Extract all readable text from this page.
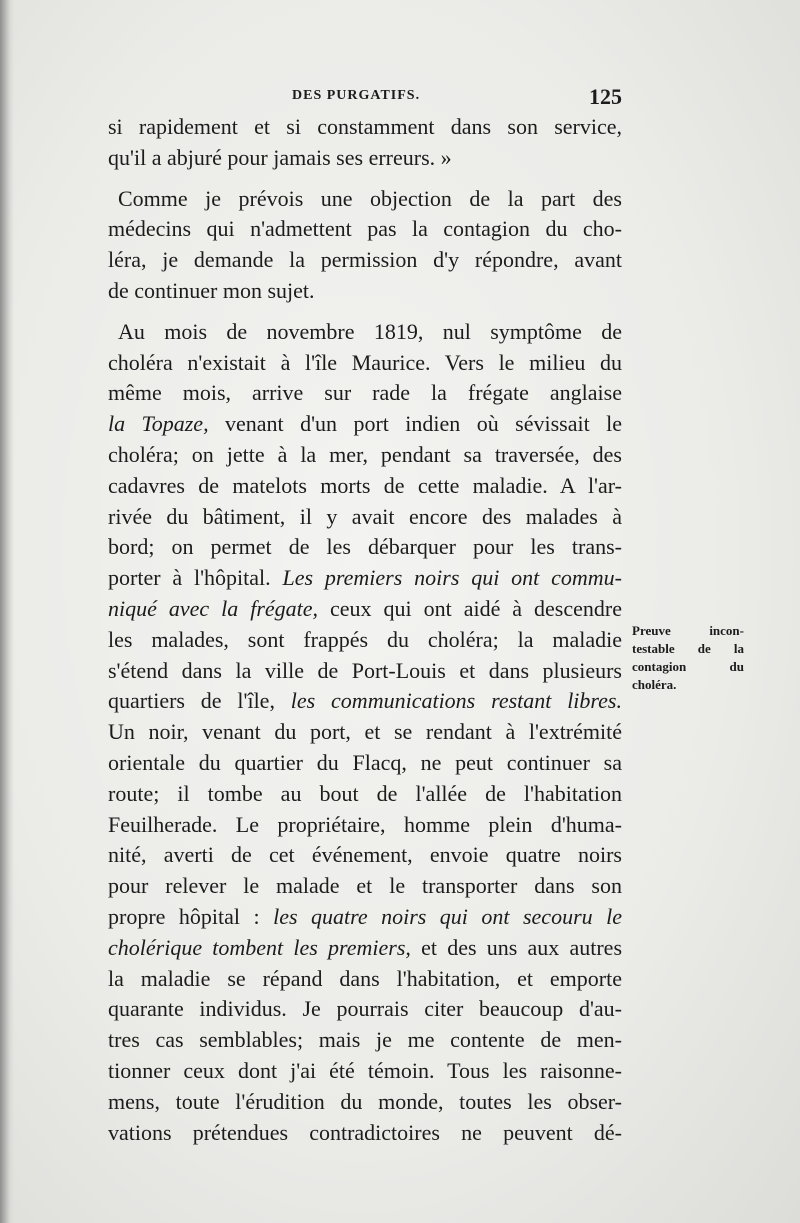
DES PURGATIFS.	125
si rapidement et si constamment dans son service,
qu'il a abjuré pour jamais ses erreurs. »
Comme je prévois une objection de la part des
médecins qui n'admettent pas la contagion du cho-
léra, je demande la permission d'y répondre, avant
de continuer mon sujet.
Au mois de novembre 1819, nul symptôme de
choléra n'existait à l'île Maurice. Vers le milieu du
même mois, arrive sur rade la frégate anglaise
la Topaze, venant d'un port indien où sévissait le
choléra; on jette à la mer, pendant sa traversée, des
cadavres de matelots morts de cette maladie. A l'ar-
rivée du bâtiment, il y avait encore des malades à
bord; on permet de les débarquer pour les trans-
porter à l'hôpital. Les premiers noirs qui ont commu-
niqué avec la frégate, ceux qui ont aidé à descendre
les malades, sont frappés du choléra; la maladie
s'étend dans la ville de Port-Louis et dans plusieurs
quartiers de l'île, les communications restant libres.
Un noir, venant du port, et se rendant à l'extrémité
orientale du quartier du Flacq, ne peut continuer sa
route; il tombe au bout de l'allée de l'habitation
Feuilherade. Le propriétaire, homme plein d'huma-
nité, averti de cet événement, envoie quatre noirs
pour relever le malade et le transporter dans son
propre hôpital : les quatre noirs qui ont secouru le
cholérique tombent les premiers, et des uns aux autres
la maladie se répand dans l'habitation, et emporte
quarante individus. Je pourrais citer beaucoup d'au-
tres cas semblables; mais je me contente de men-
tionner ceux dont j'ai été témoin. Tous les raisonne-
mens, toute l'érudition du monde, toutes les obser-
vations prétendues contradictoires ne peuvent dé-
Preuve incon-
testable de la
contagion du
choléra.
